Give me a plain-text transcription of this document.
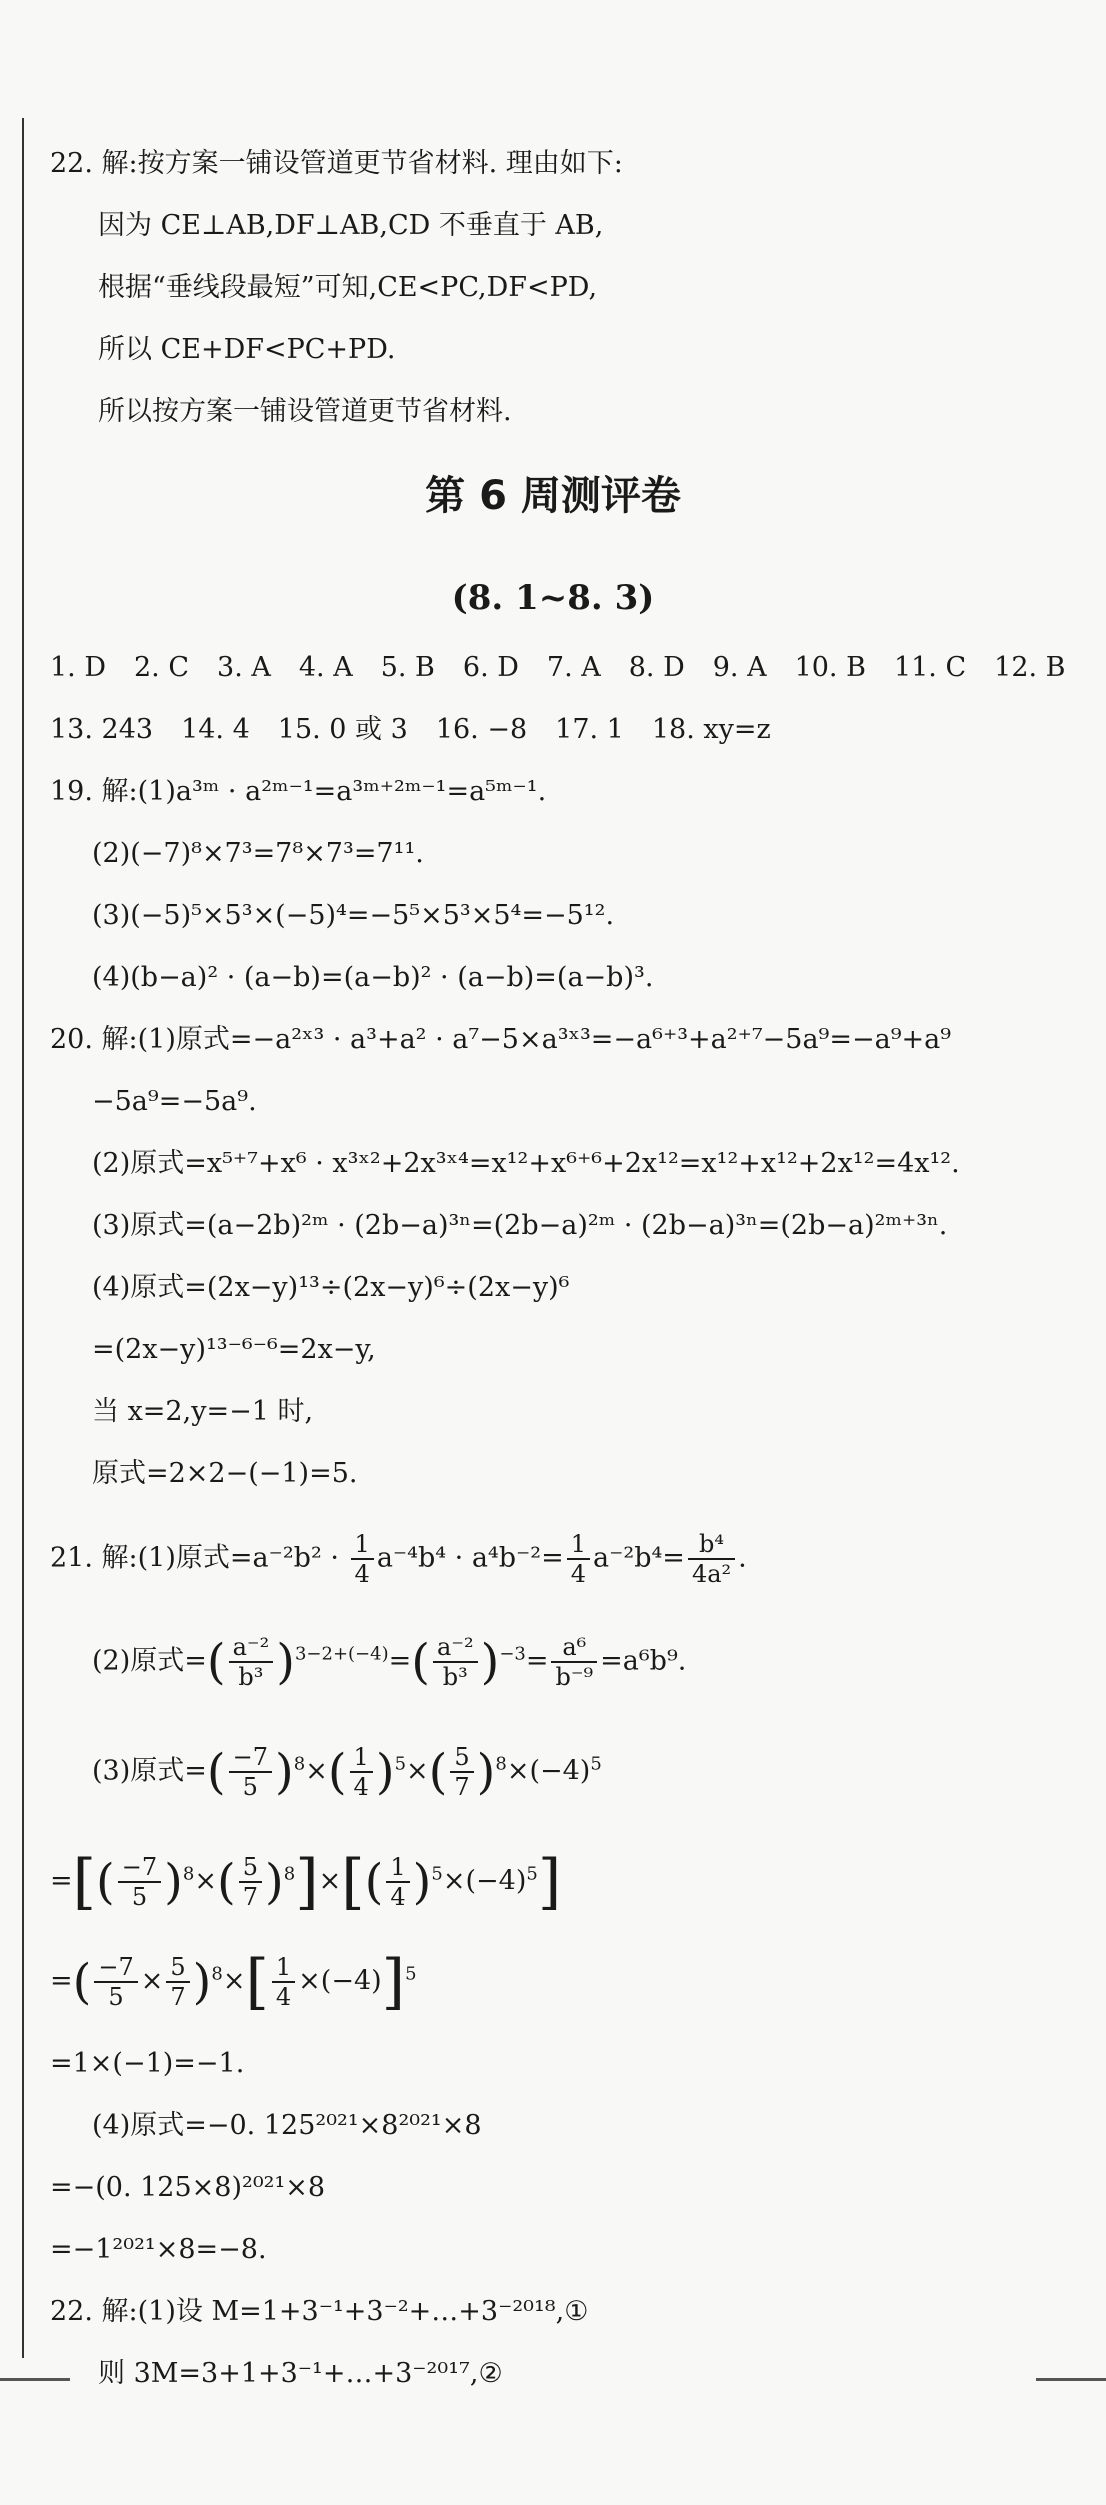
22. 解:按方案一铺设管道更节省材料. 理由如下:
因为 CE⊥AB,DF⊥AB,CD 不垂直于 AB,
根据“垂线段最短”可知,CE<PC,DF<PD,
所以 CE+DF<PC+PD.
所以按方案一铺设管道更节省材料.
第 6 周测评卷
(8. 1~8. 3)
1. D 2. C 3. A 4. A 5. B 6. D 7. A 8. D 9. A 10. B 11. C 12. B
13. 243 14. 4 15. 0 或 3 16. −8 17. 1 18. xy=z
19. 解:(1)a³ᵐ · a²ᵐ⁻¹=a³ᵐ⁺²ᵐ⁻¹=a⁵ᵐ⁻¹.
(2)(−7)⁸×7³=7⁸×7³=7¹¹.
(3)(−5)⁵×5³×(−5)⁴=−5⁵×5³×5⁴=−5¹².
(4)(b−a)² · (a−b)=(a−b)² · (a−b)=(a−b)³.
20. 解:(1)原式=−a²ˣ³ · a³+a² · a⁷−5×a³ˣ³=−a⁶⁺³+a²⁺⁷−5a⁹=−a⁹+a⁹
−5a⁹=−5a⁹.
(2)原式=x⁵⁺⁷+x⁶ · x³ˣ²+2x³ˣ⁴=x¹²+x⁶⁺⁶+2x¹²=x¹²+x¹²+2x¹²=4x¹².
(3)原式=(a−2b)²ᵐ · (2b−a)³ⁿ=(2b−a)²ᵐ · (2b−a)³ⁿ=(2b−a)²ᵐ⁺³ⁿ.
(4)原式=(2x−y)¹³÷(2x−y)⁶÷(2x−y)⁶
=(2x−y)¹³⁻⁶⁻⁶=2x−y,
当 x=2,y=−1 时,
原式=2×2−(−1)=5.
21. 解:(1)原式$=a^{-2}b^2 \cdot \frac{1}{4} a^{-4}b^4 \cdot a^4b^{-2}= \frac{1}{4} a^{-2}b^4= \frac{\text{b⁴}}{\text{4a²}}$ .
(2)原式=( $\frac{\text{a⁻²}}{\text{b³}} )^{3-2+(-4)}=( \frac{\text{a⁻²}}{\text{b³}} )^{-3}= \frac{\text{a⁶}}{\text{b⁻⁹}} =a^6b^9$.
(3)原式=( $\frac{-7}{5} )^8\times( \frac{1}{4} )^5\times( \frac{5}{7} )^8\times(-4)^5$
=[( $\frac{-7}{5} )^8\times( \frac{5}{7} )^8]\times[( \frac{1}{4} )^5\times(-4)^5]$
=( $\frac{-7}{5} \times \frac{5}{7} )^8\times[ \frac{1}{4} \times(-4)]^5$
=1×(−1)=−1.
(4)原式=−0. 125²⁰²¹×8²⁰²¹×8
=−(0. 125×8)²⁰²¹×8
=−1²⁰²¹×8=−8.
22. 解:(1)设 M=1+3⁻¹+3⁻²+…+3⁻²⁰¹⁸,①
则 3M=3+1+3⁻¹+…+3⁻²⁰¹⁷,②
